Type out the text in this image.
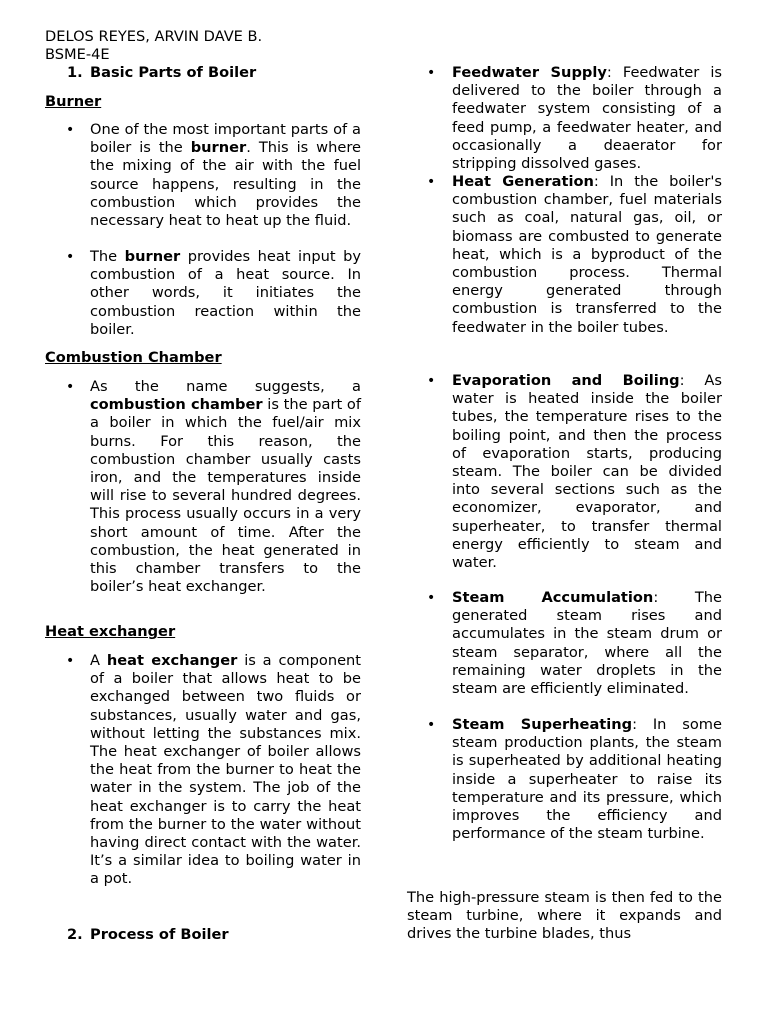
DELOS REYES, ARVIN DAVE B.

BSME-4E

1. Basic Parts of Boiler
Burner
• One of the most important parts of a boiler is the burner. This is where the mixing of the air with the fuel source happens, resulting in the combustion which provides the necessary heat to heat up the fluid.
• The burner provides heat input by combustion of a heat source. In other words, it initiates the combustion reaction within the boiler.
Combustion Chamber
• As the name suggests, a combustion chamber is the part of a boiler in which the fuel/air mix burns. For this reason, the combustion chamber usually casts iron, and the temperatures inside will rise to several hundred degrees. This process usually occurs in a very short amount of time. After the combustion, the heat generated in this chamber transfers to the boiler’s heat exchanger.
Heat exchanger
• A heat exchanger is a component of a boiler that allows heat to be exchanged between two fluids or substances, usually water and gas, without letting the substances mix. The heat exchanger of boiler allows the heat from the burner to heat the water in the system. The job of the heat exchanger is to carry the heat from the burner to the water without having direct contact with the water. It’s a similar idea to boiling water in a pot.
2. Process of Boiler
• Feedwater Supply: Feedwater is delivered to the boiler through a feedwater system consisting of a feed pump, a feedwater heater, and occasionally a deaerator for stripping dissolved gases.
• Heat Generation: In the boiler's combustion chamber, fuel materials such as coal, natural gas, oil, or biomass are combusted to generate heat, which is a byproduct of the combustion process. Thermal energy generated through combustion is transferred to the feedwater in the boiler tubes.
• Evaporation and Boiling: As water is heated inside the boiler tubes, the temperature rises to the boiling point, and then the process of evaporation starts, producing steam. The boiler can be divided into several sections such as the economizer, evaporator, and superheater, to transfer thermal energy efficiently to steam and water.
• Steam Accumulation: The generated steam rises and accumulates in the steam drum or steam separator, where all the remaining water droplets in the steam are efficiently eliminated.
• Steam Superheating: In some steam production plants, the steam is superheated by additional heating inside a superheater to raise its temperature and its pressure, which improves the efficiency and performance of the steam turbine.
The high-pressure steam is then fed to the steam turbine, where it expands and drives the turbine blades, thus
